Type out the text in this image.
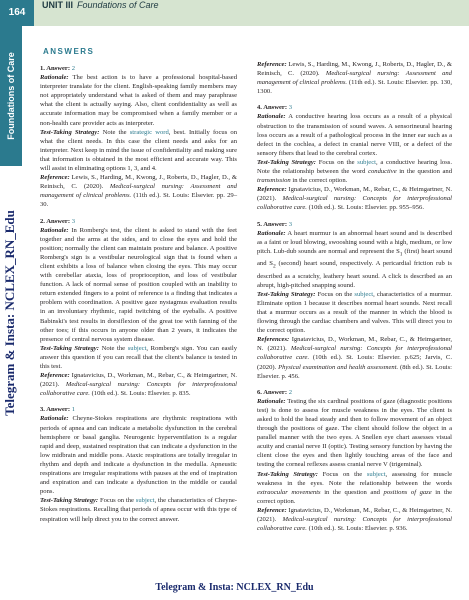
164
UNIT III Foundations of Care
Foundations of Care
Telegram & Insta: NCLEX_RN_Edu
ANSWERS

1. Answer: 2

Rationale: The best action is to have a professional hospital-based interpreter translate for the client. English-speaking family members may not appropriately understand what is asked of them and may paraphrase what the client is actually saying. Also, client confidentiality as well as accurate information may be compromised when a family member or a non-health care provider acts as interpreter.

Test-Taking Strategy: Note the strategic word, best. Initially focus on what the client needs. In this case the client needs and asks for an interpreter. Next keep in mind the issue of confidentiality and making sure that information is obtained in the most efficient and accurate way. This will assist in eliminating options 1, 3, and 4.

Reference: Lewis, S., Harding, M., Kwong, J., Roberts, D., Hagler, D., & Reinisch, C. (2020). Medical-surgical nursing: Assessment and management of clinical problems. (11th ed.). St. Louis: Elsevier. pp. 29–30.

2. Answer: 3

Rationale: In Romberg's test, the client is asked to stand with the feet together and the arms at the sides, and to close the eyes and hold the position; normally the client can maintain posture and balance. A positive Romberg's sign is a vestibular neurological sign that is found when a client exhibits a loss of balance when closing the eyes. This may occur with cerebellar ataxia, loss of proprioception, and loss of vestibular function. A lack of normal sense of position coupled with an inability to return extended fingers to a point of reference is a finding that indicates a problem with coordination. A positive gaze nystagmus evaluation results in an involuntary rhythmic, rapid twitching of the eyeballs. A positive Babinski's test results in dorsiflexion of the great toe with fanning of the other toes; if this occurs in anyone older than 2 years, it indicates the presence of central nervous system disease.

Test-Taking Strategy: Note the subject, Romberg's sign. You can easily answer this question if you can recall that the client's balance is tested in this test.

Reference: Ignatavicius, D., Workman, M., Rebar, C., & Heimgartner, N. (2021). Medical-surgical nursing: Concepts for interprofessional collaborative care. (10th ed.). St. Louis: Elsevier. p. 835.

3. Answer: 1

Rationale: Cheyne-Stokes respirations are rhythmic respirations with periods of apnea and can indicate a metabolic dysfunction in the cerebral hemisphere or basal ganglia. Neurogenic hyperventilation is a regular rapid and deep, sustained respiration that can indicate a dysfunction in the low midbrain and middle pons. Ataxic respirations are totally irregular in rhythm and depth and indicate a dysfunction in the medulla. Apneustic respirations are irregular respirations with pauses at the end of inspiration and expiration and can indicate a dysfunction in the middle or caudal pons.

Test-Taking Strategy: Focus on the subject, the characteristics of Cheyne-Stokes respirations. Recalling that periods of apnea occur with this type of respiration will help direct you to the correct answer.

Reference: Lewis, S., Harding, M., Kwong, J., Roberts, D., Hagler, D., & Reinisch, C. (2020). Medical-surgical nursing: Assessment and management of clinical problems. (11th ed.). St. Louis: Elsevier. pp. 130, 1300.

4. Answer: 3

Rationale: A conductive hearing loss occurs as a result of a physical obstruction to the transmission of sound waves. A sensorineural hearing loss occurs as a result of a pathological process in the inner ear such as a defect in the cochlea, a defect in cranial nerve VIII, or a defect of the sensory fibers that lead to the cerebral cortex.

Test-Taking Strategy: Focus on the subject, a conductive hearing loss. Note the relationship between the word conductive in the question and transmission in the correct option.

Reference: Ignatavicius, D., Workman, M., Rebar, C., & Heimgartner, N. (2021). Medical-surgical nursing: Concepts for interprofessional collaborative care. (10th ed.). St. Louis: Elsevier. pp. 955–956.

5. Answer: 3

Rationale: A heart murmur is an abnormal heart sound and is described as a faint or loud blowing, swooshing sound with a high, medium, or low pitch. Lub-dub sounds are normal and represent the $S_1$ (first) heart sound and $S_2$ (second) heart sound, respectively. A pericardial friction rub is described as a scratchy, leathery heart sound. A click is described as an abrupt, high-pitched snapping sound.

Test-Taking Strategy: Focus on the subject, characteristics of a murmur. Eliminate option 1 because it describes normal heart sounds. Next recall that a murmur occurs as a result of the manner in which the blood is flowing through the cardiac chambers and valves. This will direct you to the correct option.

References: Ignatavicius, D., Workman, M., Rebar, C., & Heimgartner, N. (2021). Medical-surgical nursing: Concepts for interprofessional collaborative care. (10th ed.). St. Louis: Elsevier. p.625; Jarvis, C. (2020). Physical examination and health assessment. (8th ed.). St. Louis: Elsevier. p. 456.

6. Answer: 2

Rationale: Testing the six cardinal positions of gaze (diagnostic positions test) is done to assess for muscle weakness in the eyes. The client is asked to hold the head steady and then to follow movement of an object through the positions of gaze. The client should follow the object in a parallel manner with the two eyes. A Snellen eye chart assesses visual acuity and cranial nerve II (optic). Testing sensory function by having the client close the eyes and then lightly touching areas of the face and testing the corneal reflexes assess cranial nerve V (trigeminal).

Test-Taking Strategy: Focus on the subject, assessing for muscle weakness in the eyes. Note the relationship between the words extraocular movements in the question and positions of gaze in the correct option.

Reference: Ignatavicius, D., Workman, M., Rebar, C., & Heimgartner, N. (2021). Medical-surgical nursing: Concepts for interprofessional collaborative care. (10th ed.). St. Louis: Elsevier. p. 936.

Telegram & Insta: NCLEX_RN_Edu
